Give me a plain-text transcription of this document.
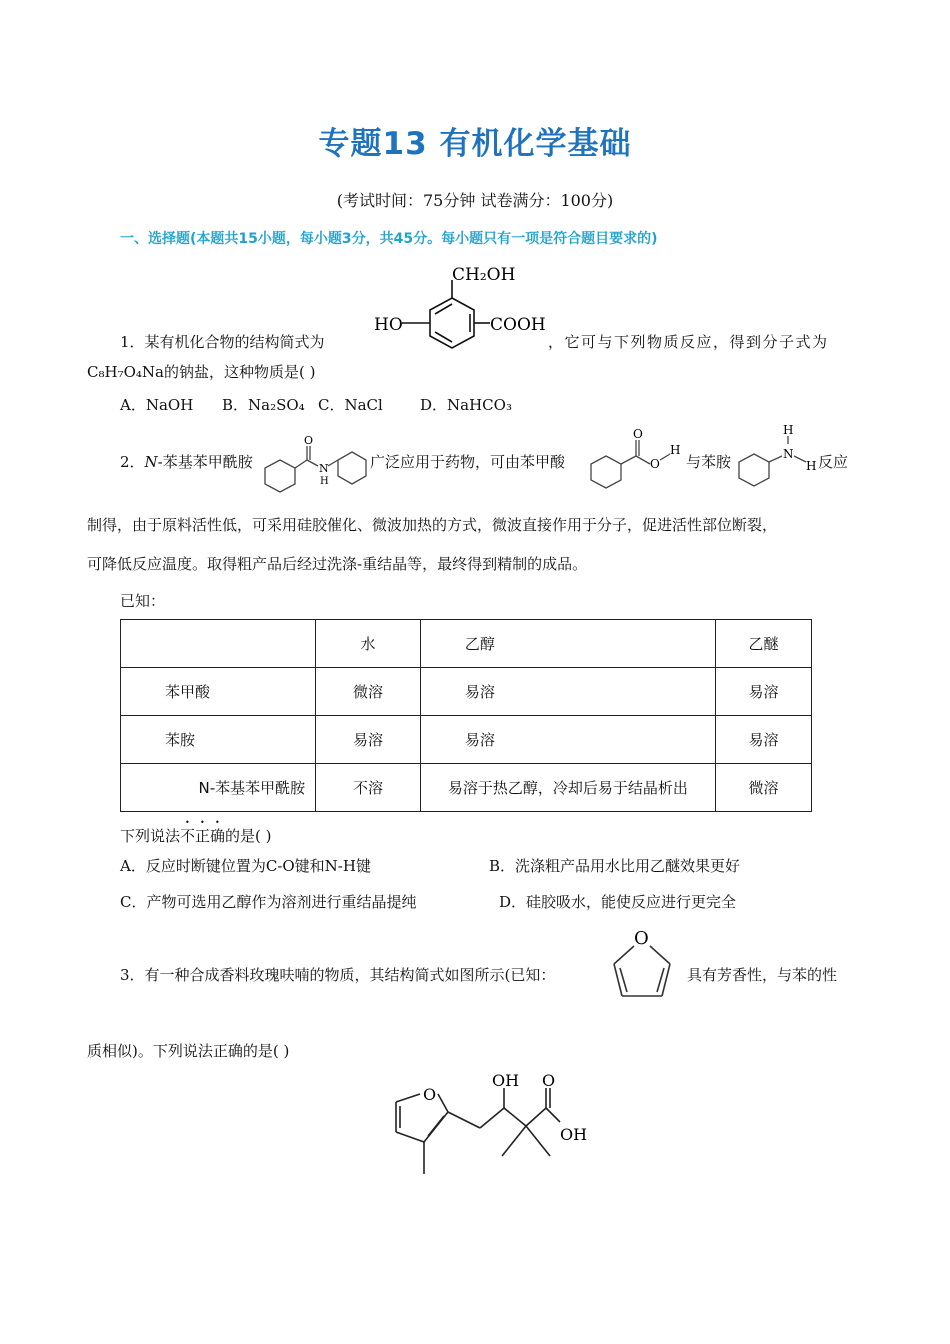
专题13 有机化学基础
(考试时间：75分钟 试卷满分：100分)
一、选择题(本题共15小题，每小题3分，共45分。每小题只有一项是符合题目要求的)
1．某有机化合物的结构简式为
CH₂OH
HO	COOH
，它可与下列物质反应，得到分子式为
C₈H₇O₄Na的钠盐，这种物质是( )
A．NaOH B．Na₂SO₄ C．NaCl D．NaHCO₃
2．N-苯基苯甲酰胺
O
N
H
广泛应用于药物，可由苯甲酸
O
O
H
与苯胺
H
N
H 反应
制得，由于原料活性低，可采用硅胶催化、微波加热的方式，微波直接作用于分子，促进活性部位断裂，
可降低反应温度。取得粗产品后经过洗涤-重结晶等，最终得到精制的成品。
已知：
	水	乙醇	乙醚
苯甲酸	微溶	易溶	易溶
苯胺	易溶	易溶	易溶
N-苯基苯甲酰胺	不溶	易溶于热乙醇，冷却后易于结晶析出	微溶
下列说法不正确的是( )
A．反应时断键位置为C-O键和N-H键	B．洗涤粗产品用水比用乙醚效果更好
C．产物可选用乙醇作为溶剂进行重结晶提纯	D．硅胶吸水，能使反应进行更完全
3．有一种合成香料玫瑰呋喃的物质，其结构简式如图所示(已知：
O
具有芳香性，与苯的性
质相似)。下列说法正确的是( )
O
OH O
OH
